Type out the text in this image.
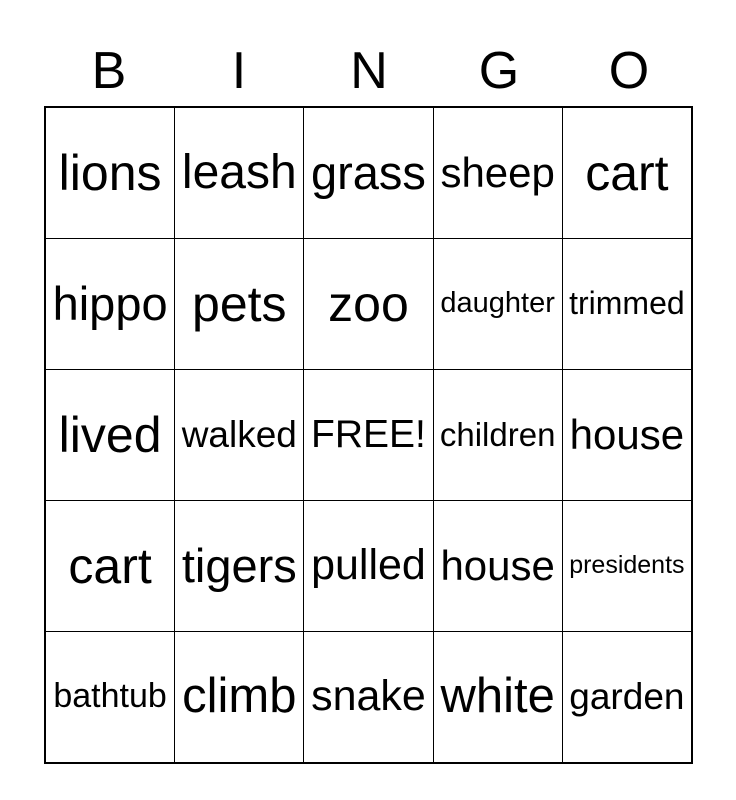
B	I	N	G	O
lions	leash	grass	sheep	cart
hippo	pets	zoo	daughter	trimmed
lived	walked	FREE!	children	house
cart	tigers	pulled	house	presidents
bathtub	climb	snake	white	garden
